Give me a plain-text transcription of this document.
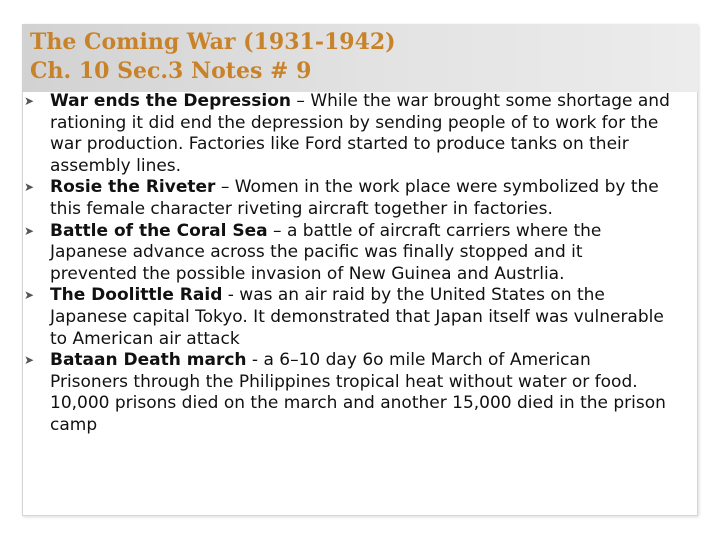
The Coming War (1931-1942)
Ch. 10 Sec.3 Notes # 9
➤ War ends the Depression – While the war brought some shortage and rationing it did end the depression by sending people of to work for the war production. Factories like Ford started to produce tanks on their assembly lines.
➤ Rosie the Riveter – Women in the work place were symbolized by the this female character riveting aircraft together in factories.
➤ Battle of the Coral Sea – a battle of aircraft carriers where the Japanese advance across the pacific was finally stopped and it prevented the possible invasion of New Guinea and Austrlia.
➤ The Doolittle Raid - was an air raid by the United States on the Japanese capital Tokyo. It demonstrated that Japan itself was vulnerable to American air attack
➤ Bataan Death march - a 6–10 day 6o mile March of American Prisoners through the Philippines tropical heat without water or food. 10,000 prisons died on the march and another 15,000 died in the prison camp
